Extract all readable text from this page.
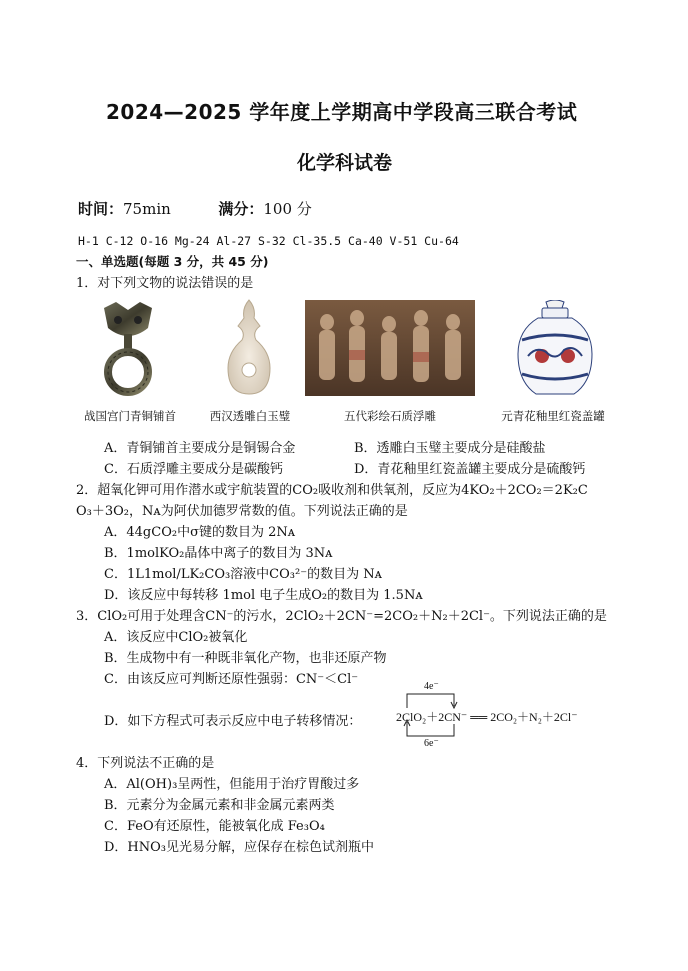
2024—2025 学年度上学期高中学段高三联合考试
化学科试卷
时间：75min	满分：100 分
H-1 C-12 O-16 Mg-24 Al-27 S-32 Cl-35.5 Ca-40 V-51 Cu-64
一、单选题(每题 3 分，共 45 分)
1．对下列文物的说法错误的是
战国宫门青铜铺首	西汉透雕白玉璧	五代彩绘石质浮雕	元青花釉里红瓷盖罐
A．青铜铺首主要成分是铜锡合金	B．透雕白玉璧主要成分是硅酸盐
C．石质浮雕主要成分是碳酸钙	D．青花釉里红瓷盖罐主要成分是硫酸钙
2．超氧化钾可用作潜水或宇航装置的CO₂吸收剂和供氧剂，反应为4KO₂＋2CO₂＝2K₂C
O₃＋3O₂，Nᴀ为阿伏加德罗常数的值。下列说法正确的是
A．44gCO₂中σ键的数目为 2Nᴀ
B．1molKO₂晶体中离子的数目为 3Nᴀ
C．1L1mol/LK₂CO₃溶液中CO₃²⁻的数目为 Nᴀ
D．该反应中每转移 1mol 电子生成O₂的数目为 1.5Nᴀ
3．ClO₂可用于处理含CN⁻的污水，2ClO₂＋2CN⁻=2CO₂＋N₂＋2Cl⁻。下列说法正确的是
A．该反应中ClO₂被氧化
B．生成物中有一种既非氧化产物，也非还原产物
C．由该反应可判断还原性强弱：CN⁻＜Cl⁻
D．如下方程式可表示反应中电子转移情况：
4e⁻
2ClO₂＋2CN⁻ ══ 2CO₂＋N₂＋2Cl⁻
6e⁻
4．下列说法不正确的是
A．Al(OH)₃呈两性，但能用于治疗胃酸过多
B．元素分为金属元素和非金属元素两类
C．FeO有还原性，能被氧化成 Fe₃O₄
D．HNO₃见光易分解，应保存在棕色试剂瓶中
